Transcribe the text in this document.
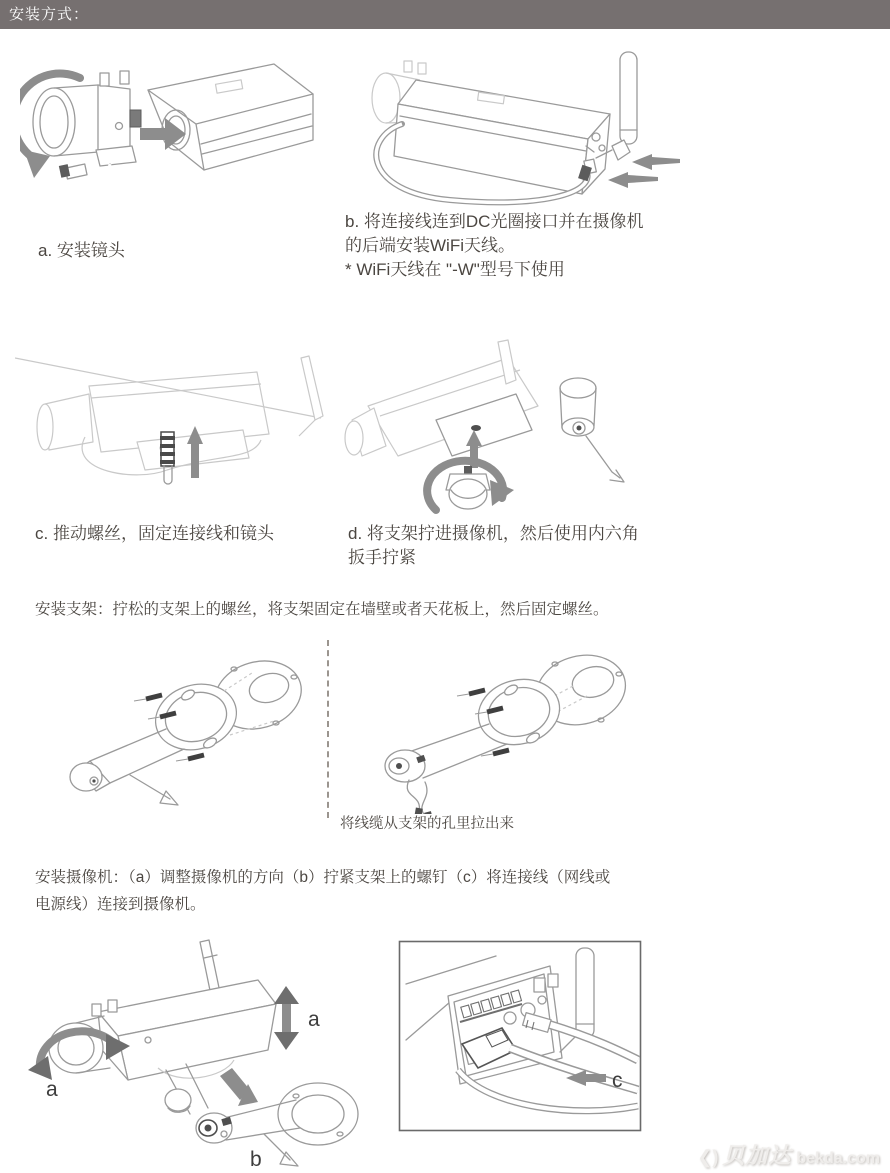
安装方式：
a. 安装镜头
b. 将连接线连到DC光圈接口并在摄像机
的后端安装WiFi天线。
* WiFi天线在 "-W"型号下使用
c. 推动螺丝，固定连接线和镜头	d. 将支架拧进摄像机，然后使用内六角
扳手拧紧
安装支架：拧松的支架上的螺丝，将支架固定在墙壁或者天花板上，然后固定螺丝。
将线缆从支架的孔里拉出来
安装摄像机：（a）调整摄像机的方向（b）拧紧支架上的螺钉（c）将连接线（网线或
电源线）连接到摄像机。
a
a
b
c
❮) 贝加达 bekda.com
